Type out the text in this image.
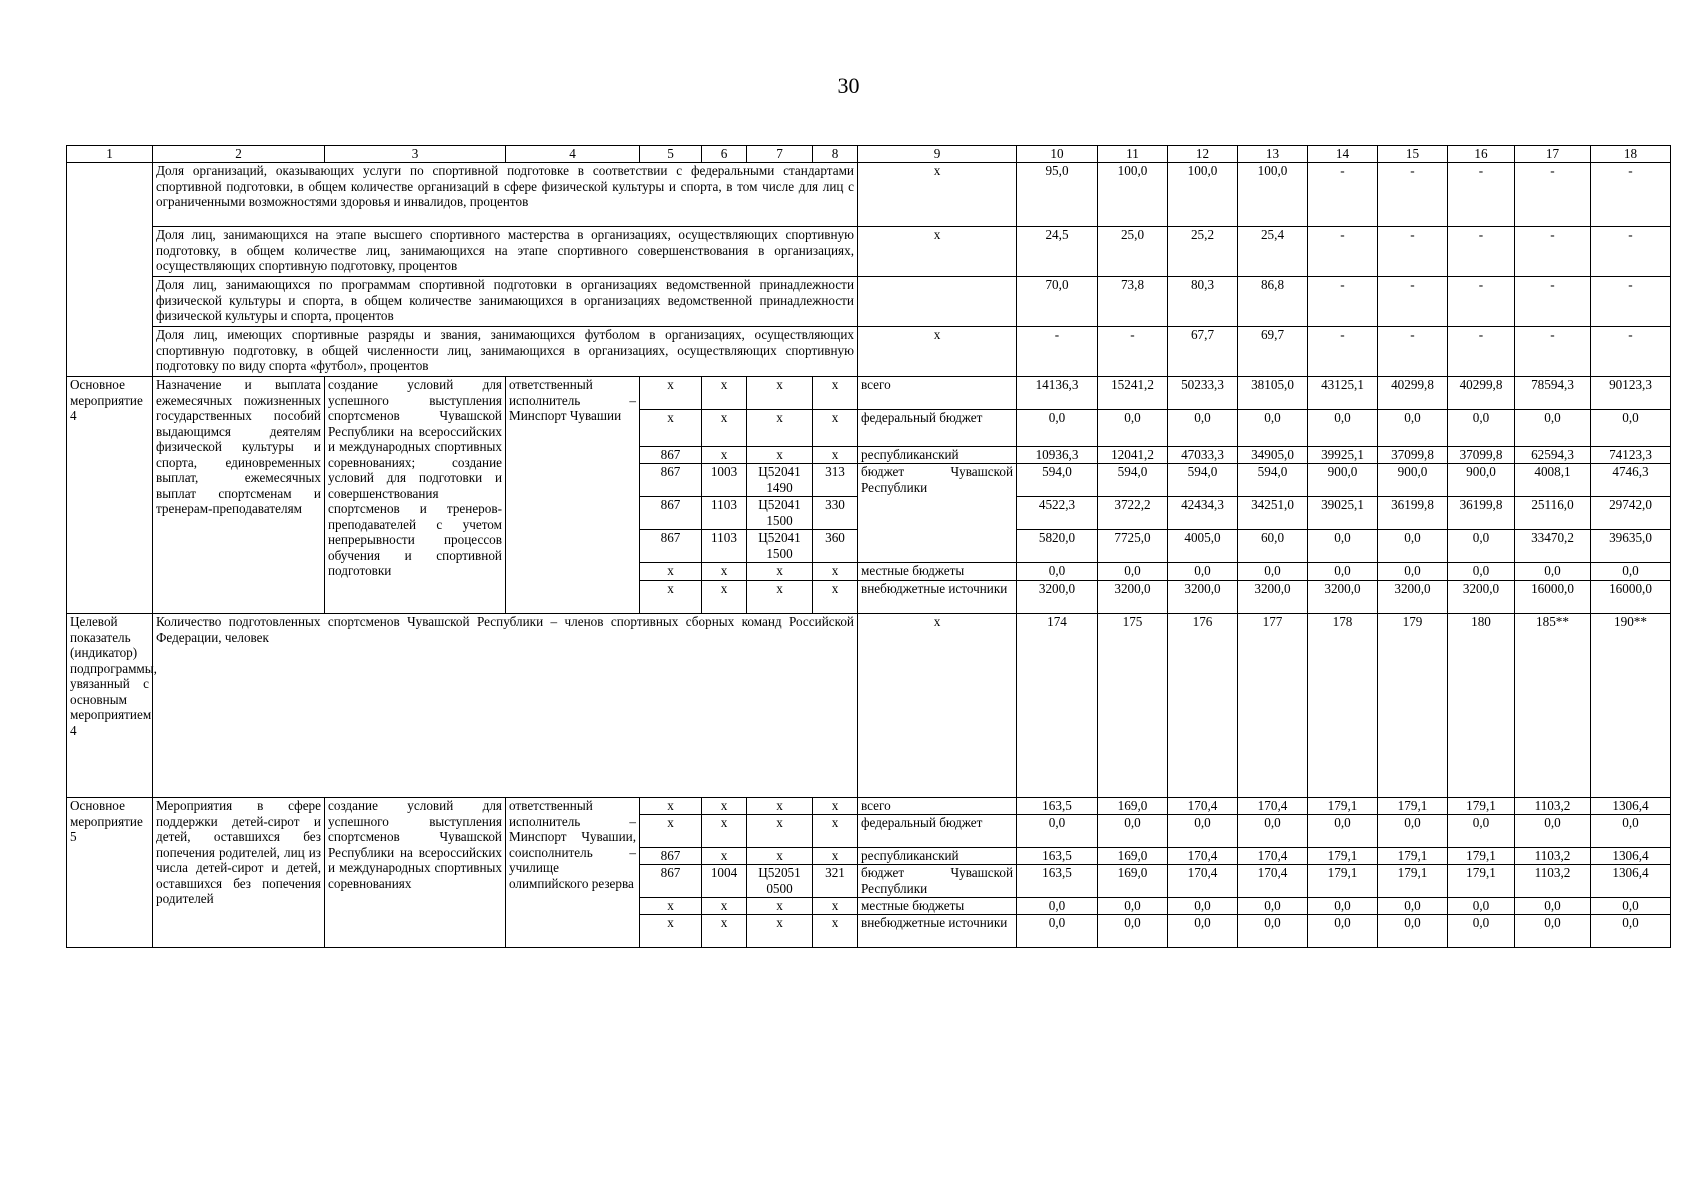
30
1	2	3	4	5	6	7	8	9	10	11	12	13	14	15	16	17	18
	Доля организаций, оказывающих услуги по спортивной подготовке в соответствии с федеральными стандартами спортивной подготовки, в общем количестве организаций в сфере физической культуры и спорта, в том числе для лиц с ограниченными возможностями здоровья и инвалидов, процентов							x	95,0	100,0	100,0	100,0	-	-	-	-	-
	Доля лиц, занимающихся на этапе высшего спортивного мастерства в организациях, осуществляющих спортивную подготовку, в общем количестве лиц, занимающихся на этапе спортивного совершенствования в организациях, осуществляющих спортивную подготовку, процентов							x	24,5	25,0	25,2	25,4	-	-	-	-	-
	Доля лиц, занимающихся по программам спортивной подготовки в организациях ведомственной принадлежности физической культуры и спорта, в общем количестве занимающихся в организациях ведомственной принадлежности физической культуры и спорта, процентов								70,0	73,8	80,3	86,8	-	-	-	-	-
	Доля лиц, имеющих спортивные разряды и звания, занимающихся футболом в организациях, осуществляющих спортивную подготовку, в общей численности лиц, занимающихся в организациях, осуществляющих спортивную подготовку по виду спорта «футбол», процентов							x	-	-	67,7	69,7	-	-	-	-	-
Основное мероприятие 4	Назначение и выплата ежемесячных пожизненных государственных пособий выдающимся деятелям физической культуры и спорта, единовременных выплат, ежемесячных выплат спортсменам и тренерам-преподавателям	создание условий для успешного выступления спортсменов Чувашской Республики на всероссийских и международных спортивных соревнованиях; создание условий для подготовки и совершенствования спортсменов и тренеров-преподавателей с учетом непрерывности процессов обучения и спортивной подготовки	ответственный исполнитель – Минспорт Чувашии	x	x	x	x	всего	14136,3	15241,2	50233,3	38105,0	43125,1	40299,8	40299,8	78594,3	90123,3
				x	x	x	x	федеральный бюджет	0,0	0,0	0,0	0,0	0,0	0,0	0,0	0,0	0,0
				867	x	x	x	республиканский	10936,3	12041,2	47033,3	34905,0	39925,1	37099,8	37099,8	62594,3	74123,3
				867	1003	Ц52041 1490	313	бюджет Чувашской Республики	594,0	594,0	594,0	594,0	900,0	900,0	900,0	4008,1	4746,3
				867	1103	Ц52041 1500	330		4522,3	3722,2	42434,3	34251,0	39025,1	36199,8	36199,8	25116,0	29742,0
				867	1103	Ц52041 1500	360		5820,0	7725,0	4005,0	60,0	0,0	0,0	0,0	33470,2	39635,0
				x	x	x	x	местные бюджеты	0,0	0,0	0,0	0,0	0,0	0,0	0,0	0,0	0,0
				x	x	x	x	внебюджетные источники	3200,0	3200,0	3200,0	3200,0	3200,0	3200,0	3200,0	16000,0	16000,0
Целевой показатель (индикатор) подпрограммы, увязанный с основным мероприятием 4	Количество подготовленных спортсменов Чувашской Республики – членов спортивных сборных команд Российской Федерации, человек							x	174	175	176	177	178	179	180	185**	190**
Основное мероприятие 5	Мероприятия в сфере поддержки детей-сирот и детей, оставшихся без попечения родителей, лиц из числа детей-сирот и детей, оставшихся без попечения родителей	создание условий для успешного выступления спортсменов Чувашской Республики на всероссийских и международных спортивных соревнованиях	ответственный исполнитель – Минспорт Чувашии, соисполнитель – училище олимпийского резерва	x	x	x	x	всего	163,5	169,0	170,4	170,4	179,1	179,1	179,1	1103,2	1306,4
				x	x	x	x	федеральный бюджет	0,0	0,0	0,0	0,0	0,0	0,0	0,0	0,0	0,0
				867	x	x	x	республиканский	163,5	169,0	170,4	170,4	179,1	179,1	179,1	1103,2	1306,4
				867	1004	Ц52051 0500	321	бюджет Чувашской Республики	163,5	169,0	170,4	170,4	179,1	179,1	179,1	1103,2	1306,4
				x	x	x	x	местные бюджеты	0,0	0,0	0,0	0,0	0,0	0,0	0,0	0,0	0,0
				x	x	x	x	внебюджетные источники	0,0	0,0	0,0	0,0	0,0	0,0	0,0	0,0	0,0
